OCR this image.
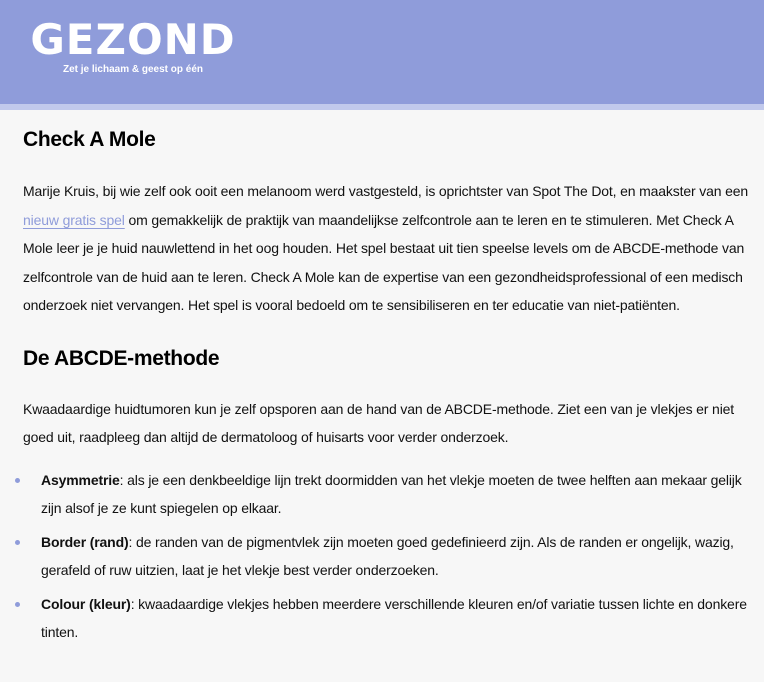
GEZOND
Zet je lichaam & geest op één
Check A Mole

Marije Kruis, bij wie zelf ook ooit een melanoom werd vastgesteld, is oprichtster van Spot The Dot, en maakster van een nieuw gratis spel om gemakkelijk de praktijk van maandelijkse zelfcontrole aan te leren en te stimuleren. Met Check A Mole leer je je huid nauwlettend in het oog houden. Het spel bestaat uit tien speelse levels om de ABCDE-methode van zelfcontrole van de huid aan te leren. Check A Mole kan de expertise van een gezondheidsprofessional of een medisch onderzoek niet vervangen. Het spel is vooral bedoeld om te sensibiliseren en ter educatie van niet-patiënten.

De ABCDE-methode

Kwaadaardige huidtumoren kun je zelf opsporen aan de hand van de ABCDE-methode. Ziet een van je vlekjes er niet goed uit, raadpleeg dan altijd de dermatoloog of huisarts voor verder onderzoek.

Asymmetrie: als je een denkbeeldige lijn trekt doormidden van het vlekje moeten de twee helften aan mekaar gelijk zijn alsof je ze kunt spiegelen op elkaar.
Border (rand): de randen van de pigmentvlek zijn moeten goed gedefinieerd zijn. Als de randen er ongelijk, wazig, gerafeld of ruw uitzien, laat je het vlekje best verder onderzoeken.
Colour (kleur): kwaadaardige vlekjes hebben meerdere verschillende kleuren en/of variatie tussen lichte en donkere tinten.
